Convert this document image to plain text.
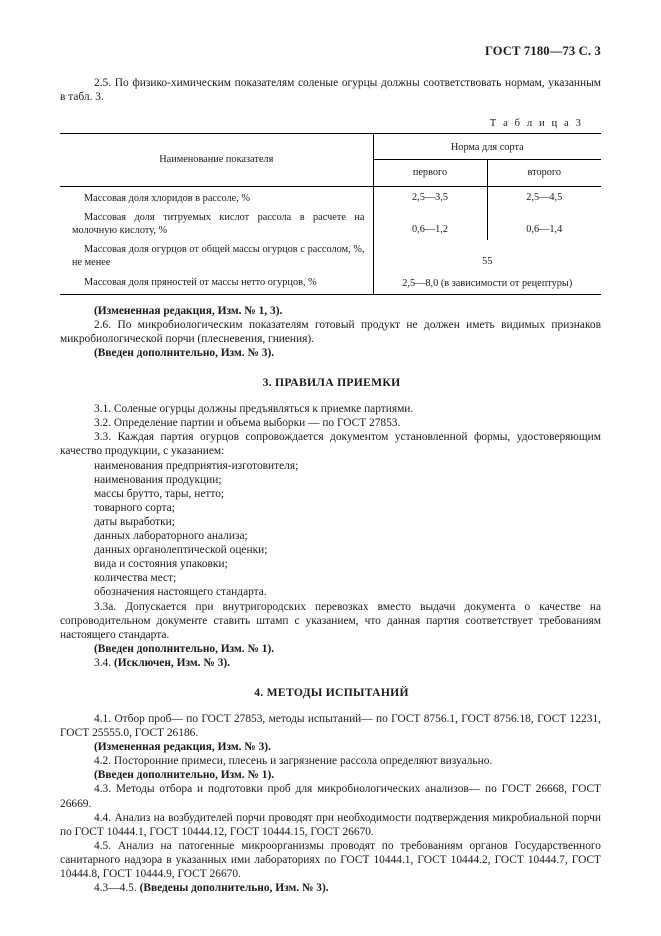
ГОСТ 7180—73 С. 3

2.5. По физико-химическим показателям соленые огурцы должны соответствовать нормам, указанным в табл. 3.

Т а б л и ц а 3

Наименование показателя	Норма для сорта	
	первого	второго
Массовая доля хлоридов в рассоле, %	2,5—3,5	2,5—4,5
Массовая доля титруемых кислот рассола в расчете на молочную кислоту, %	0,6—1,2	0,6—1,4
Массовая доля огурцов от общей массы огурцов с рассолом, %, не менее	55	
Массовая доля пряностей от массы нетто огурцов, %	2,5—8,0 (в зависимости от рецептуры)	

(Измененная редакция, Изм. № 1, 3).

2.6. По микробиологическим показателям готовый продукт не должен иметь видимых признаков микробиологической порчи (плесневения, гниения).

(Введен дополнительно, Изм. № 3).

3. ПРАВИЛА ПРИЕМКИ

3.1. Соленые огурцы должны предъявляться к приемке партиями.

3.2. Определение партии и объема выборки — по ГОСТ 27853.

3.3. Каждая партия огурцов сопровождается документом установленной формы, удостоверяющим качество продукции, с указанием:

наименования предприятия-изготовителя;

наименования продукции;

массы брутто, тары, нетто;

товарного сорта;

даты выработки;

данных лабораторного анализа;

данных органолептической оценки;

вида и состояния упаковки;

количества мест;

обозначения настоящего стандарта.

3.3а. Допускается при внутригородских перевозках вместо выдачи документа о качестве на сопроводительном документе ставить штамп с указанием, что данная партия соответствует требованиям настоящего стандарта.

(Введен дополнительно, Изм. № 1).

3.4. (Исключен, Изм. № 3).

4. МЕТОДЫ ИСПЫТАНИЙ

4.1. Отбор проб— по ГОСТ 27853, методы испытаний— по ГОСТ 8756.1, ГОСТ 8756.18, ГОСТ 12231, ГОСТ 25555.0, ГОСТ 26186.

(Измененная редакция, Изм. № 3).

4.2. Посторонние примеси, плесень и загрязнение рассола определяют визуально.

(Введен дополнительно, Изм. № 1).

4.3. Методы отбора и подготовки проб для микробиологических анализов— по ГОСТ 26668, ГОСТ 26669.

4.4. Анализ на возбудителей порчи проводят при необходимости подтверждения микробиальной порчи по ГОСТ 10444.1, ГОСТ 10444.12, ГОСТ 10444.15, ГОСТ 26670.

4.5. Анализ на патогенные микроорганизмы проводят по требованиям органов Государственного санитарного надзора в указанных ими лабораториях по ГОСТ 10444.1, ГОСТ 10444.2, ГОСТ 10444.7, ГОСТ 10444.8, ГОСТ 10444.9, ГОСТ 26670.

4.3—4.5. (Введены дополнительно, Изм. № 3).
